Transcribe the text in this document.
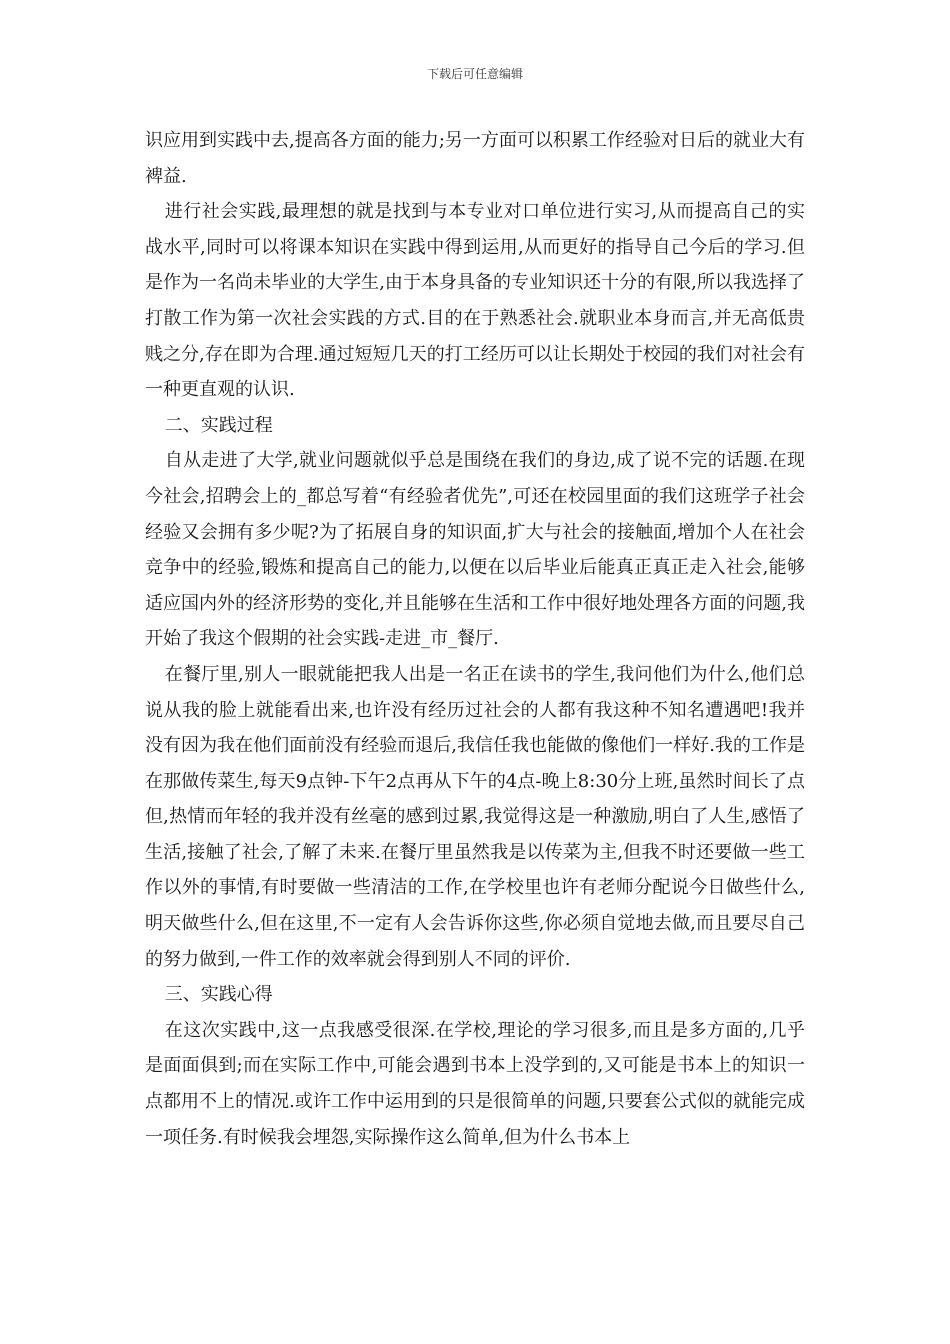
下载后可任意编辑

识应用到实践中去,提高各方面的能力;另一方面可以积累工作经验对日后的就业大有裨益.

进行社会实践,最理想的就是找到与本专业对口单位进行实习,从而提高自己的实战水平,同时可以将课本知识在实践中得到运用,从而更好的指导自己今后的学习.但是作为一名尚未毕业的大学生,由于本身具备的专业知识还十分的有限,所以我选择了打散工作为第一次社会实践的方式.目的在于熟悉社会.就职业本身而言,并无高低贵贱之分,存在即为合理.通过短短几天的打工经历可以让长期处于校园的我们对社会有一种更直观的认识.

二、实践过程

自从走进了大学,就业问题就似乎总是围绕在我们的身边,成了说不完的话题.在现今社会,招聘会上的_都总写着“有经验者优先”,可还在校园里面的我们这班学子社会经验又会拥有多少呢?为了拓展自身的知识面,扩大与社会的接触面,增加个人在社会竞争中的经验,锻炼和提高自己的能力,以便在以后毕业后能真正真正走入社会,能够适应国内外的经济形势的变化,并且能够在生活和工作中很好地处理各方面的问题,我开始了我这个假期的社会实践-走进_市_餐厅.

在餐厅里,别人一眼就能把我人出是一名正在读书的学生,我问他们为什么,他们总说从我的脸上就能看出来,也许没有经历过社会的人都有我这种不知名遭遇吧!我并没有因为我在他们面前没有经验而退后,我信任我也能做的像他们一样好.我的工作是在那做传菜生,每天9点钟-下午2点再从下午的4点-晚上8:30分上班,虽然时间长了点但,热情而年轻的我并没有丝毫的感到过累,我觉得这是一种激励,明白了人生,感悟了生活,接触了社会,了解了未来.在餐厅里虽然我是以传菜为主,但我不时还要做一些工作以外的事情,有时要做一些清洁的工作,在学校里也许有老师分配说今日做些什么,明天做些什么,但在这里,不一定有人会告诉你这些,你必须自觉地去做,而且要尽自己的努力做到,一件工作的效率就会得到别人不同的评价.

三、实践心得

在这次实践中,这一点我感受很深.在学校,理论的学习很多,而且是多方面的,几乎是面面俱到;而在实际工作中,可能会遇到书本上没学到的,又可能是书本上的知识一点都用不上的情况.或许工作中运用到的只是很简单的问题,只要套公式似的就能完成一项任务.有时候我会埋怨,实际操作这么简单,但为什么书本上
